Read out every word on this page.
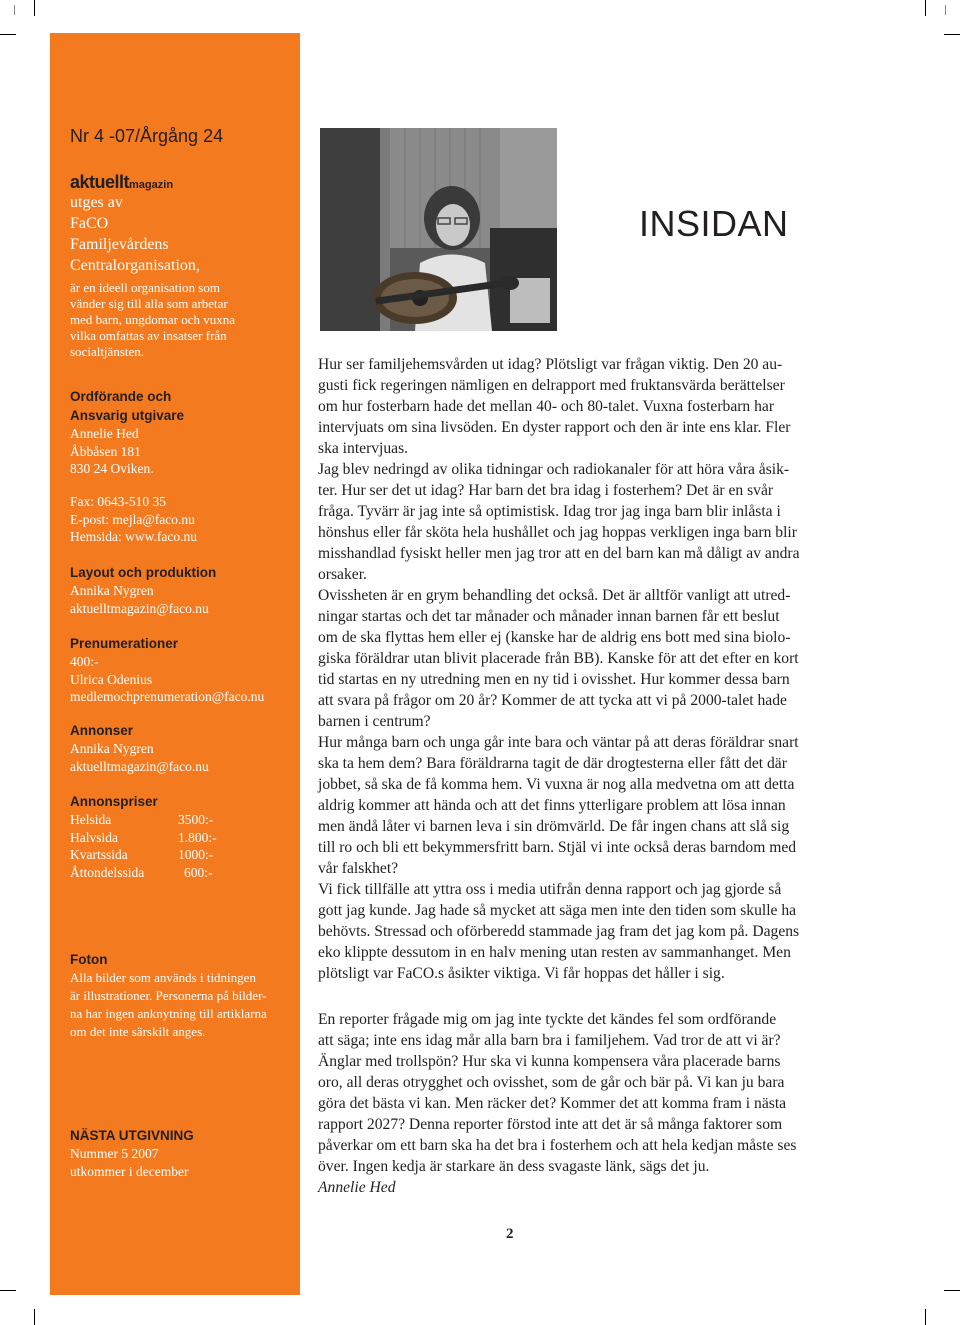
Nr 4 -07/Årgång 24
aktuelltmagazin
utges av
FaCO
Familjevårdens
Centralorganisation,
är en ideell organisation som
vänder sig till alla som arbetar
med barn, ungdomar och vuxna
vilka omfattas av insatser från
socialtjänsten.
Ordförande och
Ansvarig utgivare
Annelie Hed
Åbbåsen 181
830 24 Oviken.
Fax: 0643-510 35
E-post: mejla@faco.nu
Hemsida: www.faco.nu
Layout och produktion
Annika Nygren
aktuelltmagazin@faco.nu
Prenumerationer
400:-
Ulrica Odenius
medlemochprenumeration@faco.nu
Annonser
Annika Nygren
aktuelltmagazin@faco.nu
Annonspriser
Helsida	3500:-
Halvsida	1.800:-
Kvartssida	1000:-
Åttondelssida	600:-
Foton
Alla bilder som används i tidningen
är illustrationer. Personerna på bilder-
na har ingen anknytning till artiklarna
om det inte särskilt anges.
NÄSTA UTGIVNING
Nummer 5 2007
utkommer i december
INSIDAN

Hur ser familjehemsvården ut idag? Plötsligt var frågan viktig. Den 20 au-

gusti fick regeringen nämligen en delrapport med fruktansvärda berättelser

om hur fosterbarn hade det mellan 40- och 80-talet. Vuxna fosterbarn har

intervjuats om sina livsöden. En dyster rapport och den är inte ens klar. Fler

ska intervjuas.

Jag blev nedringd av olika tidningar och radiokanaler för att höra våra åsik-

ter. Hur ser det ut idag? Har barn det bra idag i fosterhem? Det är en svår

fråga. Tyvärr är jag inte så optimistisk. Idag tror jag inga barn blir inlåsta i

hönshus eller får sköta hela hushållet och jag hoppas verkligen inga barn blir

misshandlad fysiskt heller men jag tror att en del barn kan må dåligt av andra

orsaker.

Ovissheten är en grym behandling det också. Det är alltför vanligt att utred-

ningar startas och det tar månader och månader innan barnen får ett beslut

om de ska flyttas hem eller ej (kanske har de aldrig ens bott med sina biolo-

giska föräldrar utan blivit placerade från BB). Kanske för att det efter en kort

tid startas en ny utredning men en ny tid i ovisshet. Hur kommer dessa barn

att svara på frågor om 20 år? Kommer de att tycka att vi på 2000-talet hade

barnen i centrum?

Hur många barn och unga går inte bara och väntar på att deras föräldrar snart

ska ta hem dem? Bara föräldrarna tagit de där drogtesterna eller fått det där

jobbet, så ska de få komma hem. Vi vuxna är nog alla medvetna om att detta

aldrig kommer att hända och att det finns ytterligare problem att lösa innan

men ändå låter vi barnen leva i sin drömvärld. De får ingen chans att slå sig

till ro och bli ett bekymmersfritt barn. Stjäl vi inte också deras barndom med

vår falskhet?

Vi fick tillfälle att yttra oss i media utifrån denna rapport och jag gjorde så

gott jag kunde. Jag hade så mycket att säga men inte den tiden som skulle ha

behövts. Stressad och oförberedd stammade jag fram det jag kom på. Dagens

eko klippte dessutom in en halv mening utan resten av sammanhanget. Men

plötsligt var FaCO.s åsikter viktiga. Vi får hoppas det håller i sig.

En reporter frågade mig om jag inte tyckte det kändes fel som ordförande

att säga; inte ens idag mår alla barn bra i familjehem. Vad tror de att vi är?

Änglar med trollspön? Hur ska vi kunna kompensera våra placerade barns

oro, all deras otrygghet och ovisshet, som de går och bär på. Vi kan ju bara

göra det bästa vi kan. Men räcker det? Kommer det att komma fram i nästa

rapport 2027? Denna reporter förstod inte att det är så många faktorer som

påverkar om ett barn ska ha det bra i fosterhem och att hela kedjan måste ses

över. Ingen kedja är starkare än dess svagaste länk, sägs det ju.

Annelie Hed

2
